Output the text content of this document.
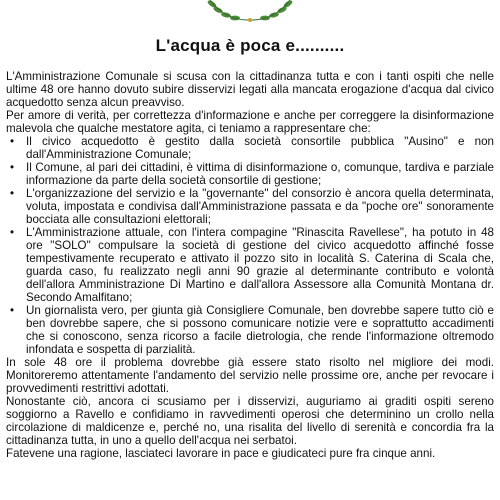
L'acqua è poca e..........

L'Amministrazione Comunale si scusa con la cittadinanza tutta e con i tanti ospiti che nelle ultime 48 ore hanno dovuto subire disservizi legati alla mancata erogazione d'acqua dal civico acquedotto senza alcun preavviso.

Per amore di verità, per correttezza d'informazione e anche per correggere la disinformazione malevola che qualche mestatore agita, ci teniamo a rappresentare che:

• Il civico acquedotto è gestito dalla società consortile pubblica "Ausino" e non dall'Amministrazione Comunale;
• Il Comune, al pari dei cittadini, è vittima di disinformazione o, comunque, tardiva e parziale informazione da parte della società consortile di gestione;
• L'organizzazione del servizio e la "governante" del consorzio è ancora quella determinata, voluta, impostata e condivisa dall'Amministrazione passata e da "poche ore" sonoramente bocciata alle consultazioni elettorali;
• L'Amministrazione attuale, con l'intera compagine "Rinascita Ravellese", ha potuto in 48 ore "SOLO" compulsare la società di gestione del civico acquedotto affinché fosse tempestivamente recuperato e attivato il pozzo sito in località S. Caterina di Scala che, guarda caso, fu realizzato negli anni 90 grazie al determinante contributo e volontà dell'allora Amministrazione Di Martino e dall'allora Assessore alla Comunità Montana dr. Secondo Amalfitano;
• Un giornalista vero, per giunta già Consigliere Comunale, ben dovrebbe sapere tutto ciò e ben dovrebbe sapere, che si possono comunicare notizie vere e soprattutto accadimenti che si conoscono, senza ricorso a facile dietrologia, che rende l'informazione oltremodo infondata e sospetta di parzialità.

In sole 48 ore il problema dovrebbe già essere stato risolto nel migliore dei modi. Monitoreremo attentamente l'andamento del servizio nelle prossime ore, anche per revocare i provvedimenti restrittivi adottati.

Nonostante ciò, ancora ci scusiamo per i disservizi, auguriamo ai graditi ospiti sereno soggiorno a Ravello e confidiamo in ravvedimenti operosi che determinino un crollo nella circolazione di maldicenze e, perché no, una risalita del livello di serenità e concordia fra la cittadinanza tutta, in uno a quello dell'acqua nei serbatoi.

Fatevene una ragione, lasciateci lavorare in pace e giudicateci pure fra cinque anni.
